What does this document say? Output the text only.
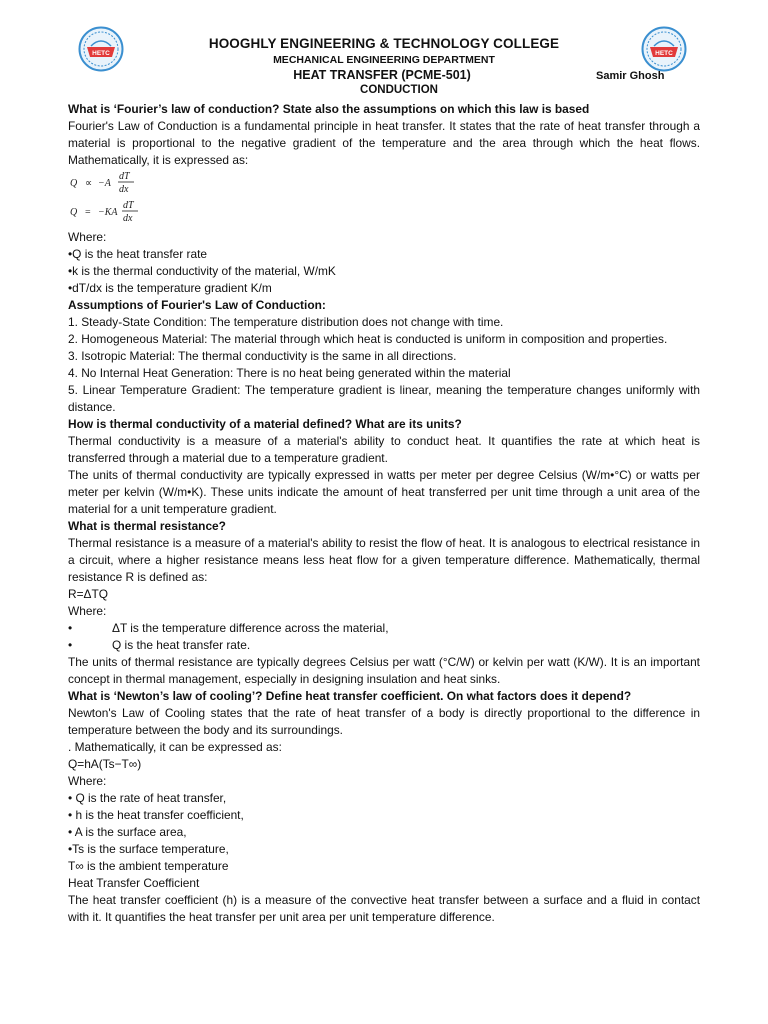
HETC	HETC
HOOGHLY ENGINEERING & TECHNOLOGY COLLEGE
MECHANICAL ENGINEERING DEPARTMENT
HEAT TRANSFER (PCME-501)	Samir Ghosh
CONDUCTION

What is ‘Fourier’s law of conduction? State also the assumptions on which this law is based

Fourier's Law of Conduction is a fundamental principle in heat transfer. It states that the rate of heat transfer through a material is proportional to the negative gradient of the temperature and the area through which the heat flows. Mathematically, it is expressed as:

Q ∝ −A
dT
dx
Q = −KA
dT
dx

Where:

•Q is the heat transfer rate

•k is the thermal conductivity of the material, W/mK

•dT/dx is the temperature gradient K/m

Assumptions of Fourier's Law of Conduction:

1. Steady-State Condition: The temperature distribution does not change with time.

2. Homogeneous Material: The material through which heat is conducted is uniform in composition and properties.

3. Isotropic Material: The thermal conductivity is the same in all directions.

4. No Internal Heat Generation: There is no heat being generated within the material

5. Linear Temperature Gradient: The temperature gradient is linear, meaning the temperature changes uniformly with distance.

How is thermal conductivity of a material defined? What are its units?

Thermal conductivity is a measure of a material's ability to conduct heat. It quantifies the rate at which heat is transferred through a material due to a temperature gradient.

The units of thermal conductivity are typically expressed in watts per meter per degree Celsius (W/m•°C) or watts per meter per kelvin (W/m•K). These units indicate the amount of heat transferred per unit time through a unit area of the material for a unit temperature gradient.

What is thermal resistance?

Thermal resistance is a measure of a material's ability to resist the flow of heat. It is analogous to electrical resistance in a circuit, where a higher resistance means less heat flow for a given temperature difference. Mathematically, thermal resistance R is defined as:

R=ΔTQ

Where:

•	ΔT is the temperature difference across the material,
•	Q is the heat transfer rate.

The units of thermal resistance are typically degrees Celsius per watt (°C/W) or kelvin per watt (K/W). It is an important concept in thermal management, especially in designing insulation and heat sinks.

What is ‘Newton’s law of cooling’? Define heat transfer coefficient. On what factors does it depend?

Newton's Law of Cooling states that the rate of heat transfer of a body is directly proportional to the difference in temperature between the body and its surroundings.

. Mathematically, it can be expressed as:

Q=hA(Ts−T∞)

Where:

• Q is the rate of heat transfer,

• h is the heat transfer coefficient,

• A is the surface area,

•Ts is the surface temperature,

T∞ is the ambient temperature

Heat Transfer Coefficient

The heat transfer coefficient (h) is a measure of the convective heat transfer between a surface and a fluid in contact with it. It quantifies the heat transfer per unit area per unit temperature difference.
